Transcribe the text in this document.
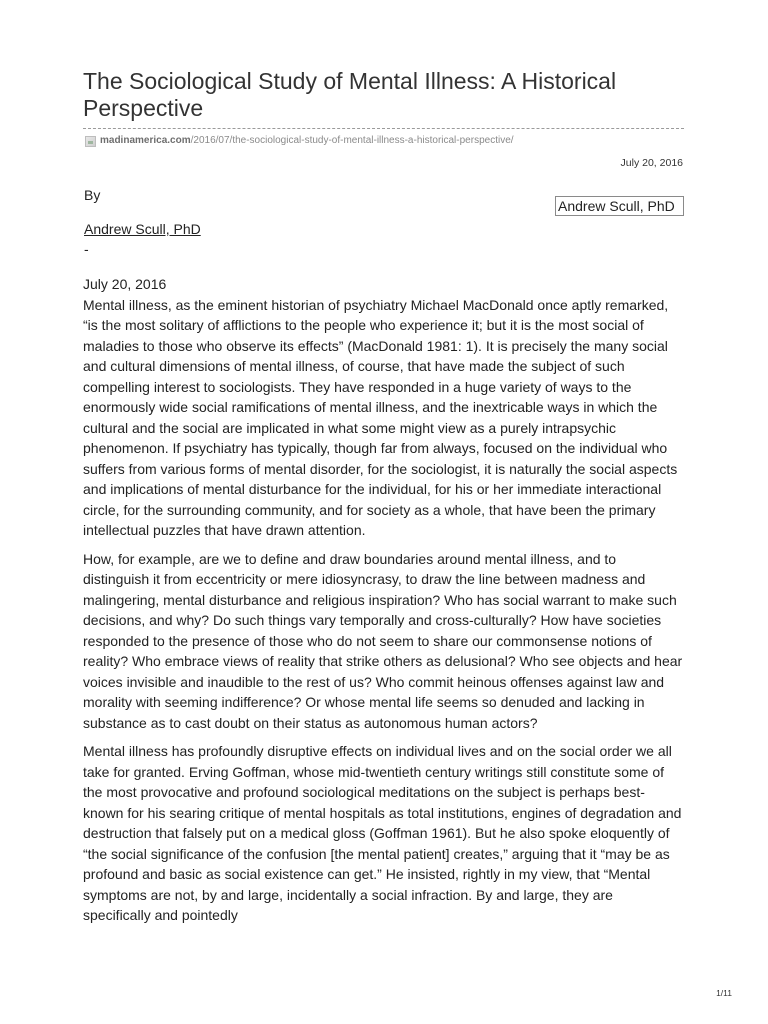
The Sociological Study of Mental Illness: A Historical Perspective
madinamerica.com /2016/07/the-sociological-study-of-mental-illness-a-historical-perspective/
July 20, 2016
By
Andrew Scull, PhD
Andrew Scull, PhD
-

July 20, 2016

Mental illness, as the eminent historian of psychiatry Michael MacDonald once aptly remarked, “is the most solitary of afflictions to the people who experience it; but it is the most social of maladies to those who observe its effects” (MacDonald 1981: 1). It is precisely the many social and cultural dimensions of mental illness, of course, that have made the subject of such compelling interest to sociologists. They have responded in a huge variety of ways to the enormously wide social ramifications of mental illness, and the inextricable ways in which the cultural and the social are implicated in what some might view as a purely intrapsychic phenomenon. If psychiatry has typically, though far from always, focused on the individual who suffers from various forms of mental disorder, for the sociologist, it is naturally the social aspects and implications of mental disturbance for the individual, for his or her immediate interactional circle, for the surrounding community, and for society as a whole, that have been the primary intellectual puzzles that have drawn attention.

How, for example, are we to define and draw boundaries around mental illness, and to distinguish it from eccentricity or mere idiosyncrasy, to draw the line between madness and malingering, mental disturbance and religious inspiration? Who has social warrant to make such decisions, and why? Do such things vary temporally and cross-culturally? How have societies responded to the presence of those who do not seem to share our commonsense notions of reality? Who embrace views of reality that strike others as delusional? Who see objects and hear voices invisible and inaudible to the rest of us? Who commit heinous offenses against law and morality with seeming indifference? Or whose mental life seems so denuded and lacking in substance as to cast doubt on their status as autonomous human actors?

Mental illness has profoundly disruptive effects on individual lives and on the social order we all take for granted. Erving Goffman, whose mid-twentieth century writings still constitute some of the most provocative and profound sociological meditations on the subject is perhaps best-known for his searing critique of mental hospitals as total institutions, engines of degradation and destruction that falsely put on a medical gloss (Goffman 1961). But he also spoke eloquently of “the social significance of the confusion [the mental patient] creates,” arguing that it “may be as profound and basic as social existence can get.” He insisted, rightly in my view, that “Mental symptoms are not, by and large, incidentally a social infraction. By and large, they are specifically and pointedly

1/11
